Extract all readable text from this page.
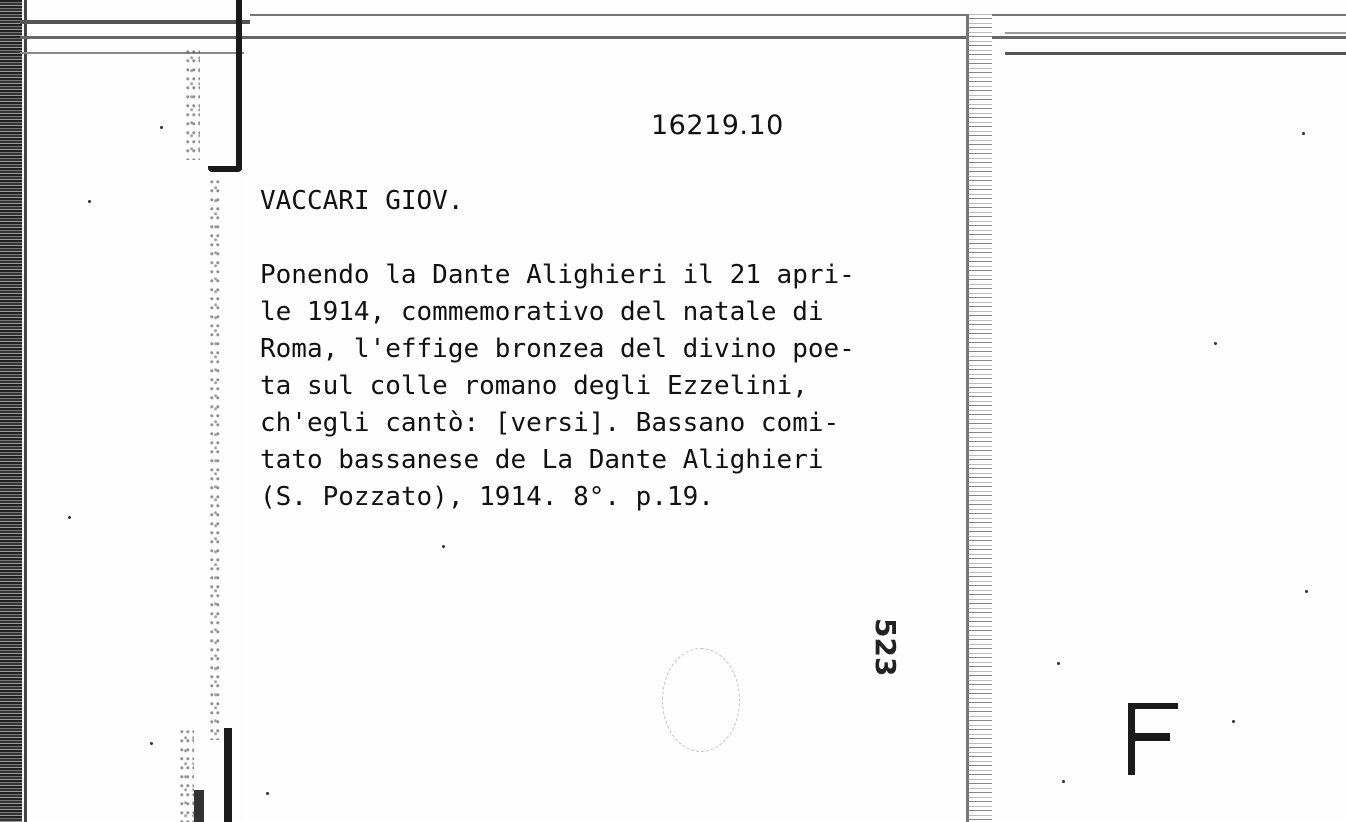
16219.10
VACCARI GIOV.
Ponendo la Dante Alighieri il 21 apri-
le 1914, commemorativo del natale di
Roma, l'effige bronzea del divino poe-
ta sul colle romano degli Ezzelini,
ch'egli cantò: [versi]. Bassano comi-
tato bassanese de La Dante Alighieri
(S. Pozzato), 1914. 8°. p.19.
523
